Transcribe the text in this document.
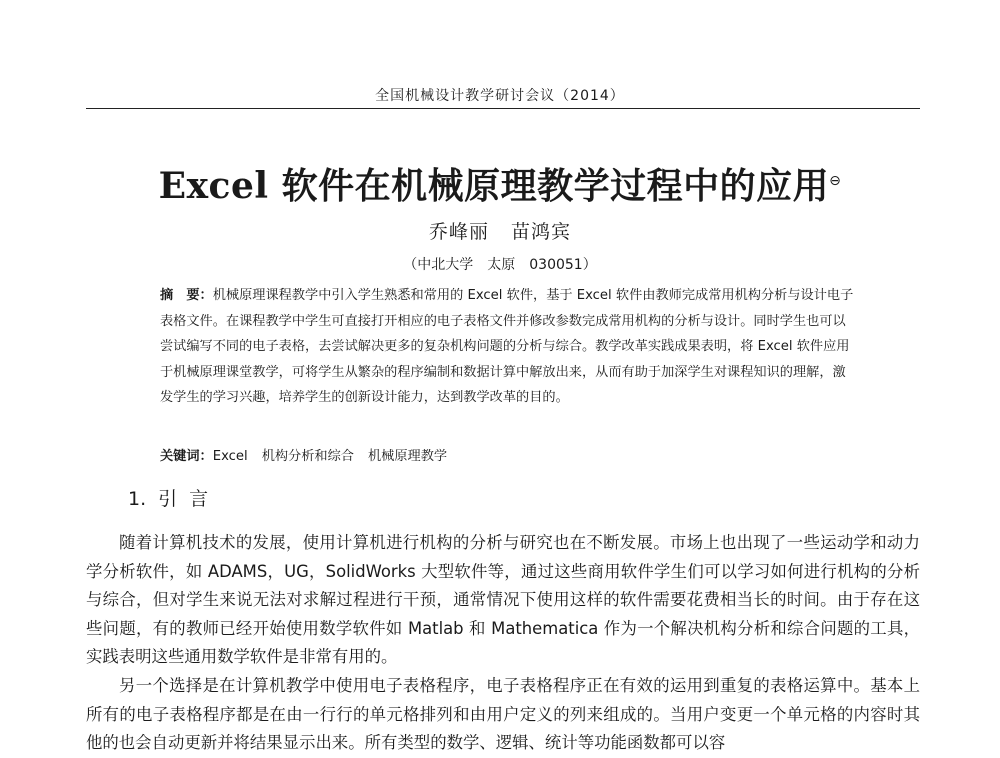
全国机械设计教学研讨会议（2014）
Excel 软件在机械原理教学过程中的应用⊖
乔峰丽 苗鸿宾
（中北大学　太原　030051）
摘　要：机械原理课程教学中引入学生熟悉和常用的 Excel 软件，基于 Excel 软件由教师完成常用机构分析与设计电子表格文件。在课程教学中学生可直接打开相应的电子表格文件并修改参数完成常用机构的分析与设计。同时学生也可以尝试编写不同的电子表格，去尝试解决更多的复杂机构问题的分析与综合。教学改革实践成果表明，将 Excel 软件应用于机械原理课堂教学，可将学生从繁杂的程序编制和数据计算中解放出来，从而有助于加深学生对课程知识的理解，激发学生的学习兴趣，培养学生的创新设计能力，达到教学改革的目的。
关键词：Excel 机构分析和综合 机械原理教学
1. 引言

随着计算机技术的发展，使用计算机进行机构的分析与研究也在不断发展。市场上也出现了一些运动学和动力学分析软件，如 ADAMS，UG，SolidWorks 大型软件等，通过这些商用软件学生们可以学习如何进行机构的分析与综合，但对学生来说无法对求解过程进行干预，通常情况下使用这样的软件需要花费相当长的时间。由于存在这些问题，有的教师已经开始使用数学软件如 Matlab 和 Mathematica 作为一个解决机构分析和综合问题的工具，实践表明这些通用数学软件是非常有用的。

另一个选择是在计算机教学中使用电子表格程序，电子表格程序正在有效的运用到重复的表格运算中。基本上所有的电子表格程序都是在由一行行的单元格排列和由用户定义的列来组成的。当用户变更一个单元格的内容时其他的也会自动更新并将结果显示出来。所有类型的数学、逻辑、统计等功能函数都可以容
